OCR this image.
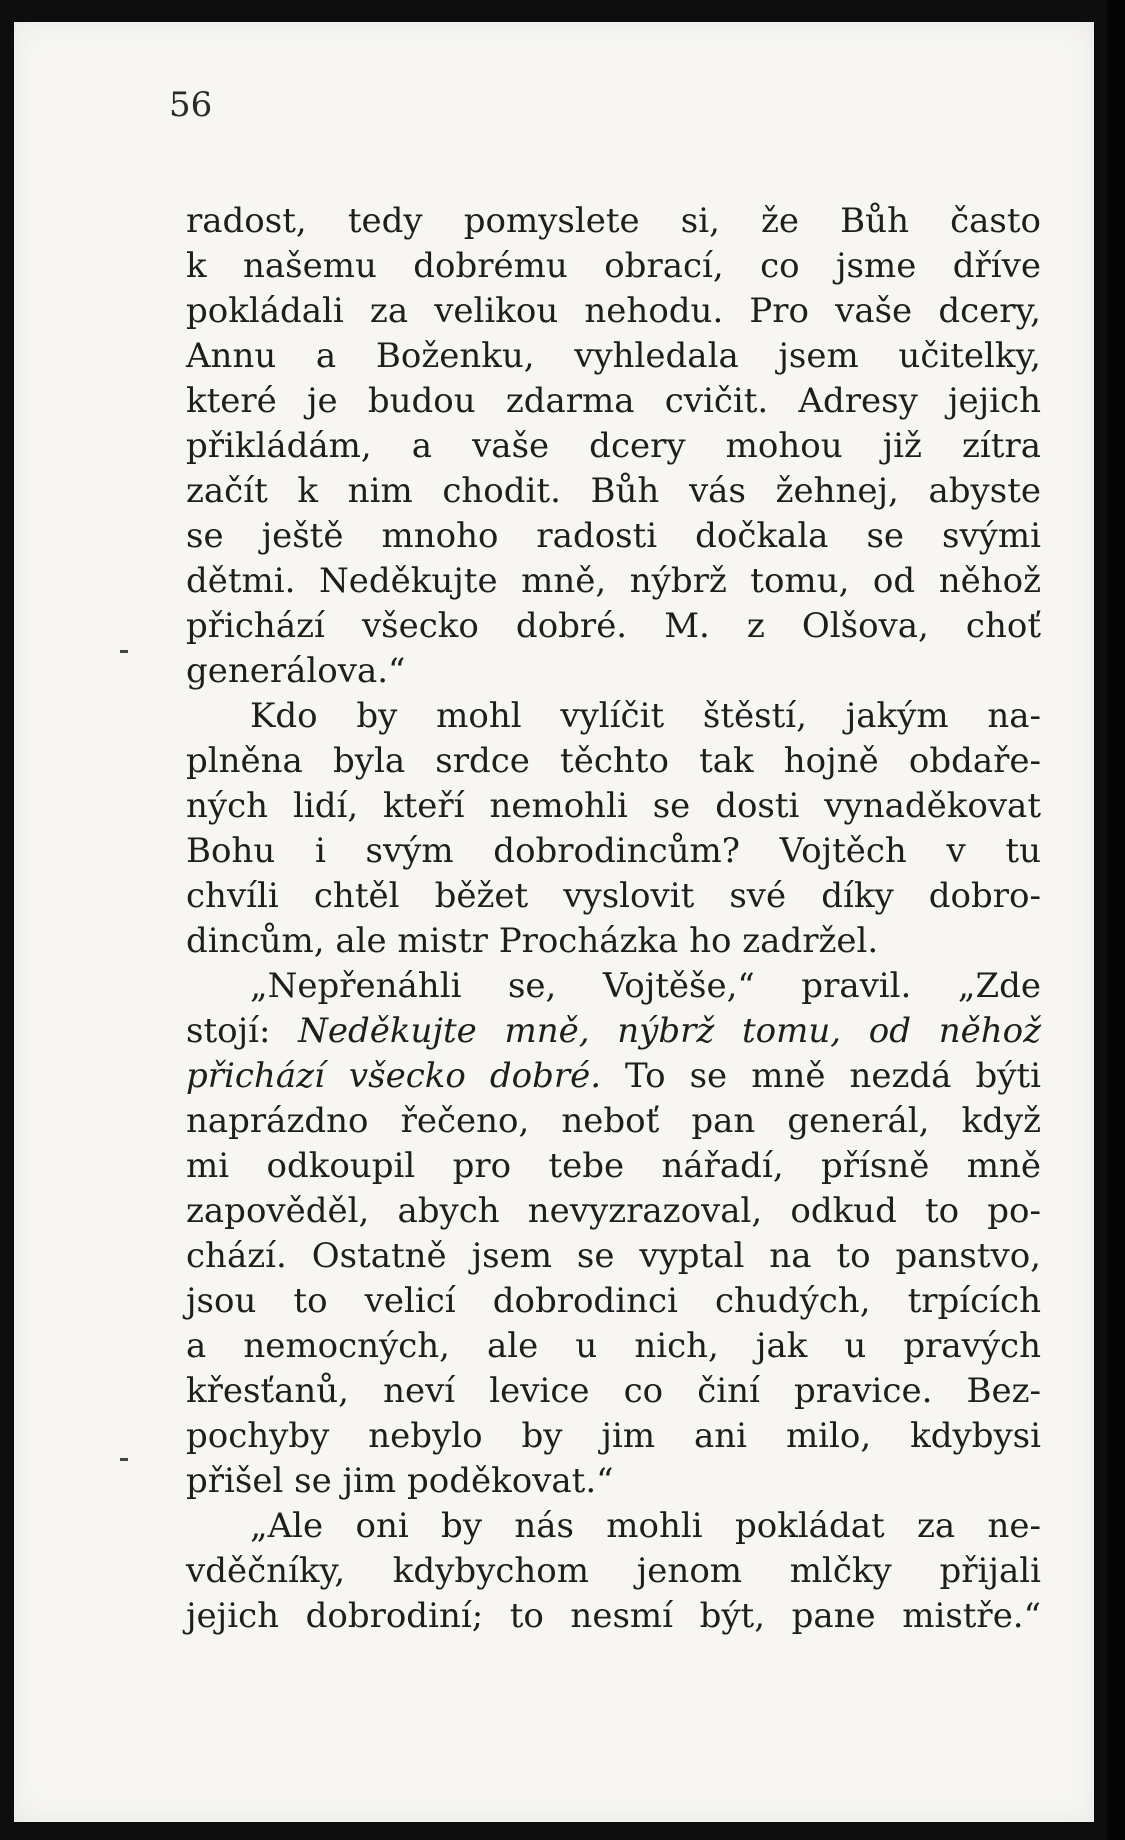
56

radost, tedy pomyslete si, že Bůh často
k našemu dobrému obrací, co jsme dříve
pokládali za velikou nehodu. Pro vaše dcery,
Annu a Boženku, vyhledala jsem učitelky,
které je budou zdarma cvičit. Adresy jejich
přikládám, a vaše dcery mohou již zítra
začít k nim chodit. Bůh vás žehnej, abyste
se ještě mnoho radosti dočkala se svými
dětmi. Neděkujte mně, nýbrž tomu, od něhož
přichází všecko dobré. M. z Olšova, choť
generálova.“
Kdo by mohl vylíčit štěstí, jakým na-
plněna byla srdce těchto tak hojně obdaře-
ných lidí, kteří nemohli se dosti vynaděkovat
Bohu i svým dobrodincům? Vojtěch v tu
chvíli chtěl běžet vyslovit své díky dobro-
dincům, ale mistr Procházka ho zadržel.
„Nepřenáhli se, Vojtěše,“ pravil. „Zde
stojí: Neděkujte mně, nýbrž tomu, od něhož
přichází všecko dobré. To se mně nezdá býti
naprázdno řečeno, neboť pan generál, když
mi odkoupil pro tebe nářadí, přísně mně
zapověděl, abych nevyzrazoval, odkud to po-
chází. Ostatně jsem se vyptal na to panstvo,
jsou to velicí dobrodinci chudých, trpících
a nemocných, ale u nich, jak u pravých
křesťanů, neví levice co činí pravice. Bez-
pochyby nebylo by jim ani milo, kdybysi
přišel se jim poděkovat.“
„Ale oni by nás mohli pokládat za ne-
vděčníky, kdybychom jenom mlčky přijali
jejich dobrodiní; to nesmí být, pane mistře.“
